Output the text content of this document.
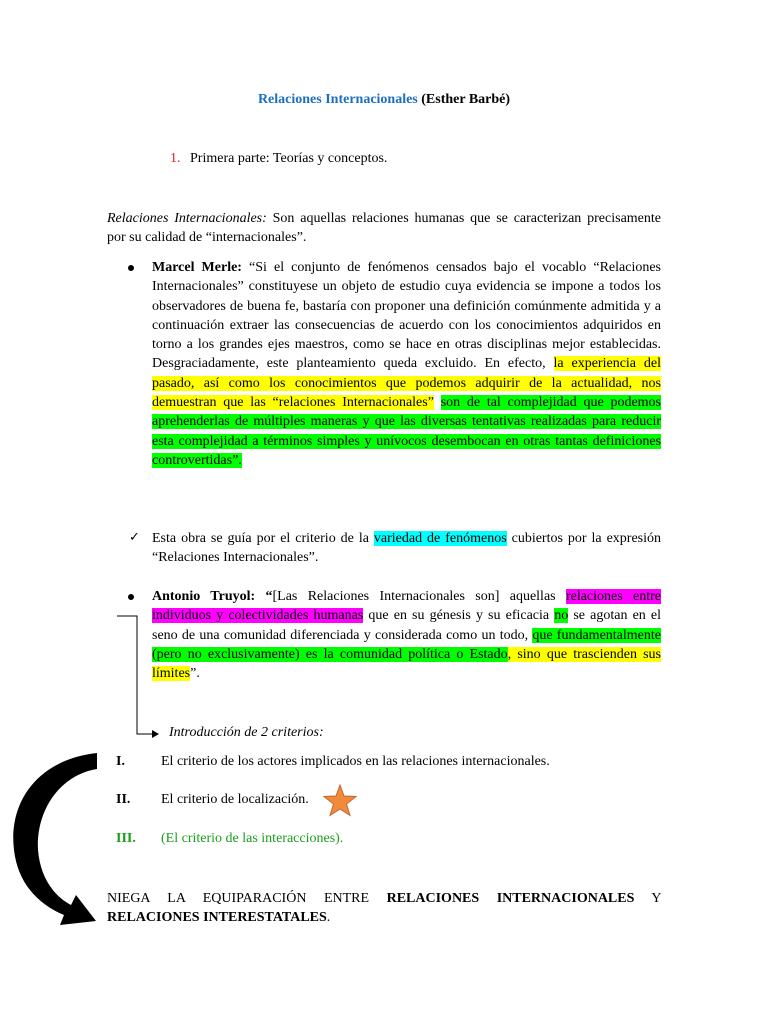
Relaciones Internacionales (Esther Barbé)
1. Primera parte: Teorías y conceptos.
Relaciones Internacionales: Son aquellas relaciones humanas que se caracterizan precisamente por su calidad de “internacionales”.
Marcel Merle: “Si el conjunto de fenómenos censados bajo el vocablo “Relaciones Internacionales” constituyese un objeto de estudio cuya evidencia se impone a todos los observadores de buena fe, bastaría con proponer una definición comúnmente admitida y a continuación extraer las consecuencias de acuerdo con los conocimientos adquiridos en torno a los grandes ejes maestros, como se hace en otras disciplinas mejor establecidas. Desgraciadamente, este planteamiento queda excluido. En efecto, la experiencia del pasado, así como los conocimientos que podemos adquirir de la actualidad, nos demuestran que las “relaciones Internacionales” son de tal complejidad que podemos aprehenderlas de múltiples maneras y que las diversas tentativas realizadas para reducir esta complejidad a términos simples y unívocos desembocan en otras tantas definiciones controvertidas”.
✓ Esta obra se guía por el criterio de la variedad de fenómenos cubiertos por la expresión “Relaciones Internacionales”.
Antonio Truyol: “[Las Relaciones Internacionales son] aquellas relaciones entre individuos y colectividades humanas que en su génesis y su eficacia no se agotan en el seno de una comunidad diferenciada y considerada como un todo, que fundamentalmente (pero no exclusivamente) es la comunidad política o Estado, sino que trascienden sus límites”.
Introducción de 2 criterios:
I.	El criterio de los actores implicados en las relaciones internacionales.
II. El criterio de localización.
III. (El criterio de las interacciones).
NIEGA LA EQUIPARACIÓN ENTRE RELACIONES INTERNACIONALES Y RELACIONES INTERESTATALES.
